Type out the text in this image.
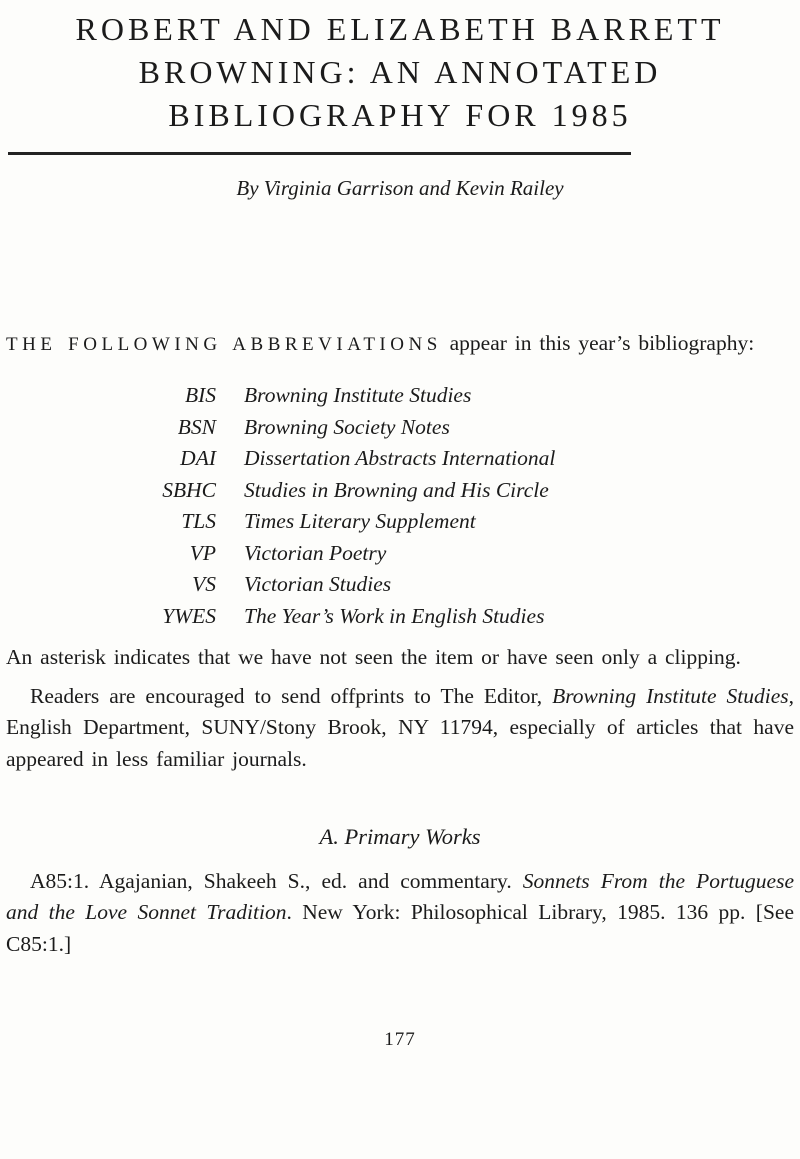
ROBERT AND ELIZABETH BARRETT
BROWNING: AN ANNOTATED
BIBLIOGRAPHY FOR 1985
By Virginia Garrison and Kevin Railey

THE FOLLOWING ABBREVIATIONS appear in this year’s bibliography:

BIS Browning Institute Studies
BSN Browning Society Notes
DAI Dissertation Abstracts International
SBHC Studies in Browning and His Circle
TLS Times Literary Supplement
VP Victorian Poetry
VS Victorian Studies
YWES The Year’s Work in English Studies

An asterisk indicates that we have not seen the item or have seen only a clipping.

Readers are encouraged to send offprints to The Editor, Browning Institute Studies, English Department, SUNY/Stony Brook, NY 11794, especially of articles that have appeared in less familiar journals.

A. Primary Works

A85:1. Agajanian, Shakeeh S., ed. and commentary. Sonnets From the Portuguese and the Love Sonnet Tradition. New York: Philosophical Library, 1985. 136 pp. [See C85:1.]

177
